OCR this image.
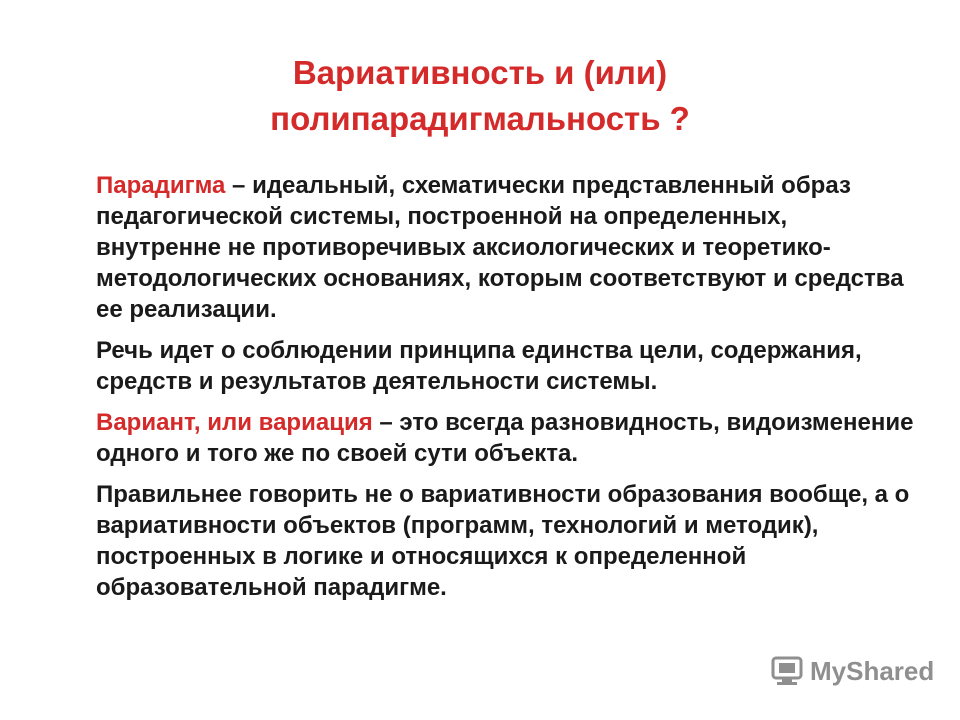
Вариативность и (или)
полипарадигмальность ?

Парадигма – идеальный, схематически представленный образ педагогической системы, построенной на определенных, внутренне не противоречивых аксиологических и теоретико-методологических основаниях, которым соответствуют и средства ее реализации.

Речь идет о соблюдении принципа единства цели, содержания, средств и результатов деятельности системы.

Вариант, или вариация – это всегда разновидность, видоизменение одного и того же по своей сути объекта.

Правильнее говорить не о вариативности образования вообще, а о вариативности объектов (программ, технологий и методик), построенных в логике и относящихся к определенной образовательной парадигме.

MyShared
